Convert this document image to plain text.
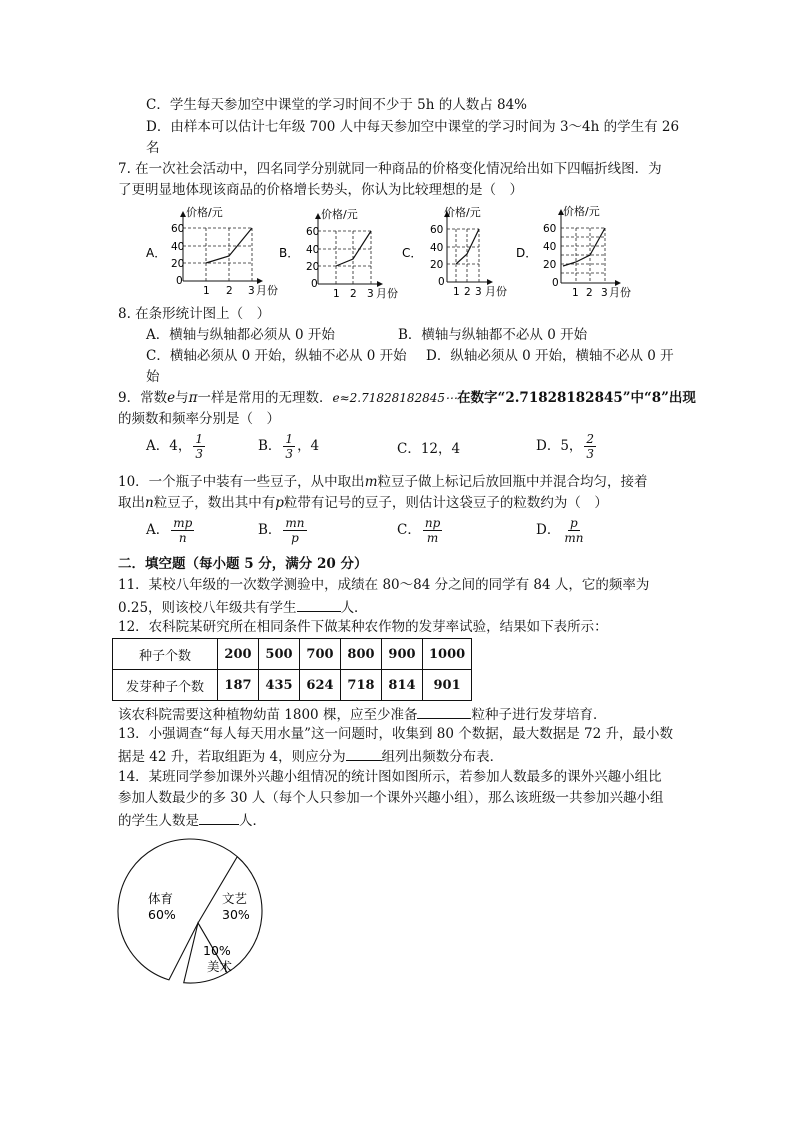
C．学生每天参加空中课堂的学习时间不少于 5h 的人数占 84%
D．由样本可以估计七年级 700 人中每天参加空中课堂的学习时间为 3～4h 的学生有 26
名
7. 在一次社会活动中，四名同学分别就同一种商品的价格变化情况给出如下四幅折线图．为
了更明显地体现该商品的价格增长势头，你认为比较理想的是（　）
A．
价格/元
60
40
20
0
1 2 3 月份
B．
价格/元
60
40
20
0
1 2 3 月份
C．
价格/元
60
40
20
0
1 2 3 月份
D．
价格/元
60
40
20
0
1 2 3 月份
8. 在条形统计图上（　）
A．横轴与纵轴都必须从 0 开始	B．横轴与纵轴都不必从 0 开始
C．横轴必须从 0 开始，纵轴不必从 0 开始 D．纵轴必须从 0 开始，横轴不必从 0 开
始
9．常数e与π一样是常用的无理数．e≈2.71828182845⋯在数字“2.71828182845”中“8”出现
的频数和频率分别是（　）
A．4， $\frac{1}{3}$	B． $\frac{1}{3}$ ，4	C．12，4	D．5， $\frac{2}{3}$
10．一个瓶子中装有一些豆子，从中取出m粒豆子做上标记后放回瓶中并混合均匀，接着
取出n粒豆子，数出其中有p粒带有记号的豆子，则估计这袋豆子的粒数约为（　）
A． $\frac{mp}{n}$	B． $\frac{mn}{p}$	C． $\frac{np}{m}$	D． $\frac{p}{mn}$
二．填空题（每小题 5 分，满分 20 分）
11．某校八年级的一次数学测验中，成绩在 80～84 分之间的同学有 84 人，它的频率为
0.25，则该校八年级共有学生	人．
12．农科院某研究所在相同条件下做某种农作物的发芽率试验，结果如下表所示：
种子个数	200	500	700	800	900	1000
发芽种子个数	187	435	624	718	814	901
该农科院需要这种植物幼苗 1800 棵，应至少准备	粒种子进行发芽培育．
13．小强调查“每人每天用水量”这一问题时，收集到 80 个数据，最大数据是 72 升，最小数
据是 42 升，若取组距为 4，则应分为	组列出频数分布表．
14．某班同学参加课外兴趣小组情况的统计图如图所示，若参加人数最多的课外兴趣小组比
参加人数最少的多 30 人（每个人只参加一个课外兴趣小组），那么该班级一共参加兴趣小组
的学生人数是	人．
体育
60%
文艺
30%
10%
美术
